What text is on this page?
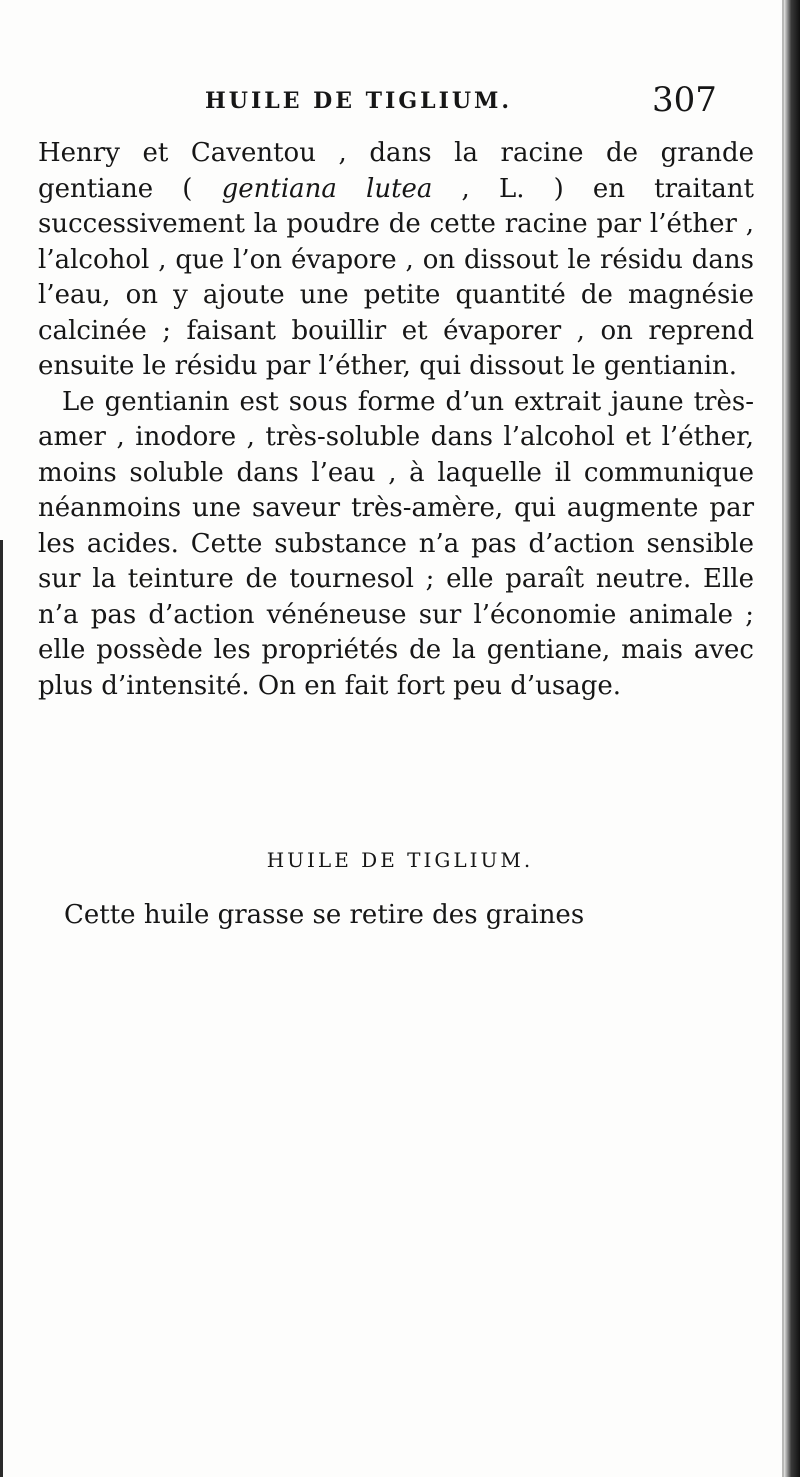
HUILE DE TIGLIUM.	307

Henry et Caventou , dans la racine de grande gentiane ( gentiana lutea , L. ) en traitant successivement la poudre de cette racine par l’éther , l’alcohol , que l’on évapore , on dissout le résidu dans l’eau, on y ajoute une petite quantité de magnésie calcinée ; faisant bouillir et évaporer , on reprend ensuite le résidu par l’éther, qui dissout le gentianin.

Le gentianin est sous forme d’un extrait jaune très-amer , inodore , très-soluble dans l’alcohol et l’éther, moins soluble dans l’eau , à laquelle il communique néanmoins une saveur très-amère, qui augmente par les acides. Cette substance n’a pas d’action sensible sur la teinture de tournesol ; elle paraît neutre. Elle n’a pas d’action vénéneuse sur l’économie animale ; elle possède les propriétés de la gentiane, mais avec plus d’intensité. On en fait fort peu d’usage.

HUILE DE TIGLIUM.
Cette huile grasse se retire des graines
